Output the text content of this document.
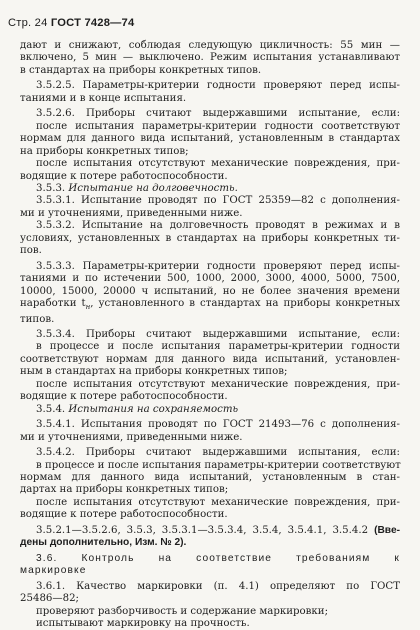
Стр. 24 ГОСТ 7428—74
дают и снижают, соблюдая следующую цикличность: 55 мин —
включено, 5 мин — выключено. Режим испытания устанавливают
в стандартах на приборы конкретных типов.
3.5.2.5. Параметры-критерии годности проверяют перед испы-
таниями и в конце испытания.
3.5.2.6. Приборы считают выдержавшими испытание, если:
после испытания параметры-критерии годности соответствуют
нормам для данного вида испытаний, установленным в стандартах
на приборы конкретных типов;
после испытания отсутствуют механические повреждения, при-
водящие к потере работоспособности.
3.5.3. Испытание на долговечность.
3.5.3.1. Испытание проводят по ГОСТ 25359—82 с дополнения-
ми и уточнениями, приведенными ниже.
3.5.3.2. Испытание на долговечность проводят в режимах и в
условиях, установленных в стандартах на приборы конкретных ти-
пов.
3.5.3.3. Параметры-критерии годности проверяют перед испы-
таниями и по истечении 500, 1000, 2000, 3000, 4000, 5000, 7500,
10000, 15000, 20000 ч испытаний, но не более значения времени
наработки $t_н$, установленного в стандартах на приборы конкретных
типов.
3.5.3.4. Приборы считают выдержавшими испытание, если:
в процессе и после испытания параметры-критерии годности
соответствуют нормам для данного вида испытаний, установлен-
ным в стандартах на приборы конкретных типов;
после испытания отсутствуют механические повреждения, при-
водящие к потере работоспособности.
3.5.4. Испытания на сохраняемость
3.5.4.1. Испытания проводят по ГОСТ 21493—76 с дополнения-
ми и уточнениями, приведенными ниже.
3.5.4.2. Приборы считают выдержавшими испытания, если:
в процессе и после испытания параметры-критерии соответствуют
нормам для данного вида испытаний, установленным в стан-
дартах на приборы конкретных типов;
после испытания отсутствуют механические повреждения, при-
водящие к потере работоспособности.
3.5.2.1—3.5.2.6, 3.5.3, 3.5.3.1—3.5.3.4, 3.5.4, 3.5.4.1, 3.5.4.2 (Вве-
дены дополнительно, Изм. № 2).
3.6. Контроль на соответствие требованиям к
маркировке
3.6.1. Качество маркировки (п. 4.1) определяют по ГОСТ
25486—82;
проверяют разборчивость и содержание маркировки;
испытывают маркировку на прочность.
